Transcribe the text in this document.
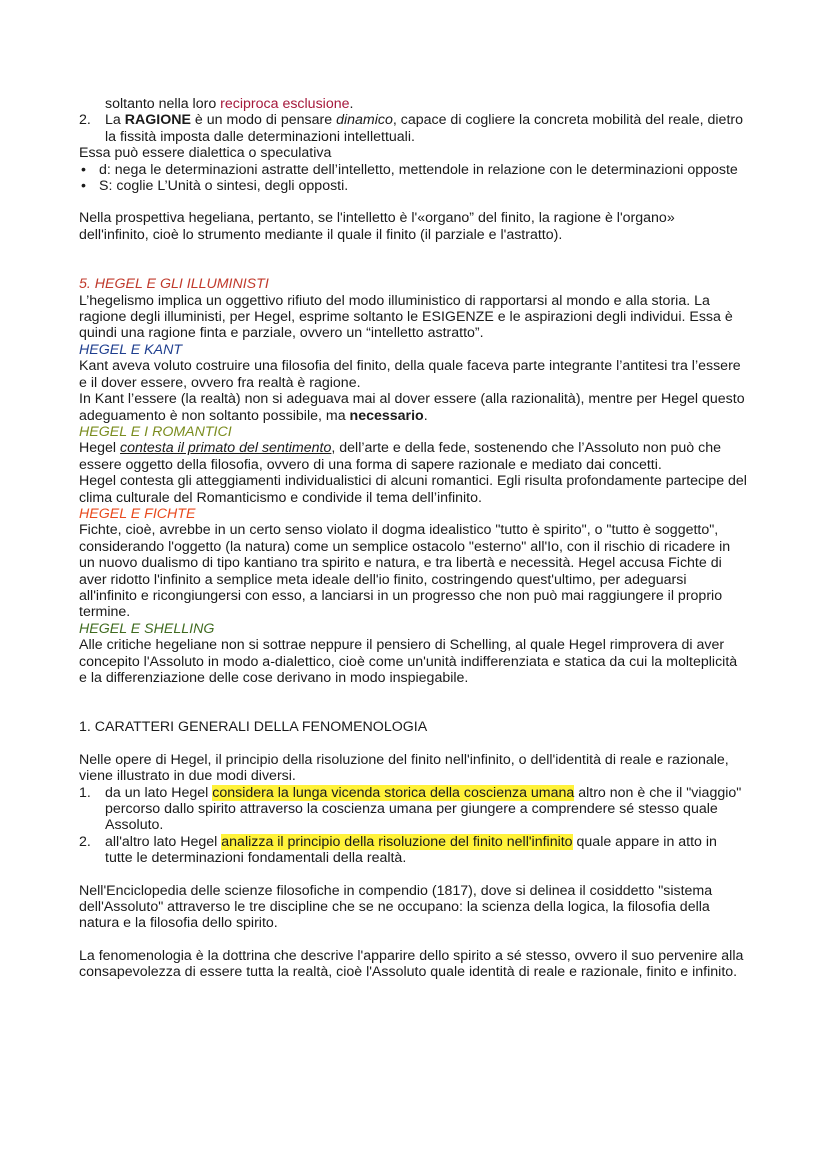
soltanto nella loro reciproca esclusione.

2. La RAGIONE è un modo di pensare dinamico, capace di cogliere la concreta mobilità del reale, dietro la fissità imposta dalle determinazioni intellettuali.

Essa può essere dialettica o speculativa

• d: nega le determinazioni astratte dell’intelletto, mettendole in relazione con le determinazioni opposte
• S: coglie L’Unità o sintesi, degli opposti.

Nella prospettiva hegeliana, pertanto, se l'intelletto è l'«organo” del finito, la ragione è l'organo» dell'infinito, cioè lo strumento mediante il quale il finito (il parziale e l'astratto).

5. HEGEL E GLI ILLUMINISTI

L’hegelismo implica un oggettivo rifiuto del modo illuministico di rapportarsi al mondo e alla storia. La ragione degli illuministi, per Hegel, esprime soltanto le ESIGENZE e le aspirazioni degli individui. Essa è quindi una ragione finta e parziale, ovvero un “intelletto astratto”.

HEGEL E KANT

Kant aveva voluto costruire una filosofia del finito, della quale faceva parte integrante l’antitesi tra l’essere e il dover essere, ovvero fra realtà è ragione.

In Kant l’essere (la realtà) non si adeguava mai al dover essere (alla razionalità), mentre per Hegel questo adeguamento è non soltanto possibile, ma necessario.

HEGEL E I ROMANTICI

Hegel contesta il primato del sentimento, dell’arte e della fede, sostenendo che l’Assoluto non può che essere oggetto della filosofia, ovvero di una forma di sapere razionale e mediato dai concetti.

Hegel contesta gli atteggiamenti individualistici di alcuni romantici. Egli risulta profondamente partecipe del clima culturale del Romanticismo e condivide il tema dell’infinito.

HEGEL E FICHTE

Fichte, cioè, avrebbe in un certo senso violato il dogma idealistico "tutto è spirito", o "tutto è soggetto", considerando l'oggetto (la natura) come un semplice ostacolo "esterno" all'Io, con il rischio di ricadere in un nuovo dualismo di tipo kantiano tra spirito e natura, e tra libertà e necessità. Hegel accusa Fichte di aver ridotto l'infinito a semplice meta ideale dell'io finito, costringendo quest'ultimo, per adeguarsi all'infinito e ricongiungersi con esso, a lanciarsi in un progresso che non può mai raggiungere il proprio termine.

HEGEL E SHELLING

Alle critiche hegeliane non si sottrae neppure il pensiero di Schelling, al quale Hegel rimprovera di aver concepito l'Assoluto in modo a-dialettico, cioè come un'unità indifferenziata e statica da cui la molteplicità e la differenziazione delle cose derivano in modo inspiegabile.

1. CARATTERI GENERALI DELLA FENOMENOLOGIA

Nelle opere di Hegel, il principio della risoluzione del finito nell'infinito, o dell'identità di reale e razionale, viene illustrato in due modi diversi.

1. da un lato Hegel considera la lunga vicenda storica della coscienza umana altro non è che il "viaggio" percorso dallo spirito attraverso la coscienza umana per giungere a comprendere sé stesso quale Assoluto.
2. all'altro lato Hegel analizza il principio della risoluzione del finito nell'infinito quale appare in atto in tutte le determinazioni fondamentali della realtà.

Nell'Enciclopedia delle scienze filosofiche in compendio (1817), dove si delinea il cosiddetto "sistema dell'Assoluto" attraverso le tre discipline che se ne occupano: la scienza della logica, la filosofia della natura e la filosofia dello spirito.

La fenomenologia è la dottrina che descrive l'apparire dello spirito a sé stesso, ovvero il suo pervenire alla consapevolezza di essere tutta la realtà, cioè l'Assoluto quale identità di reale e razionale, finito e infinito.
